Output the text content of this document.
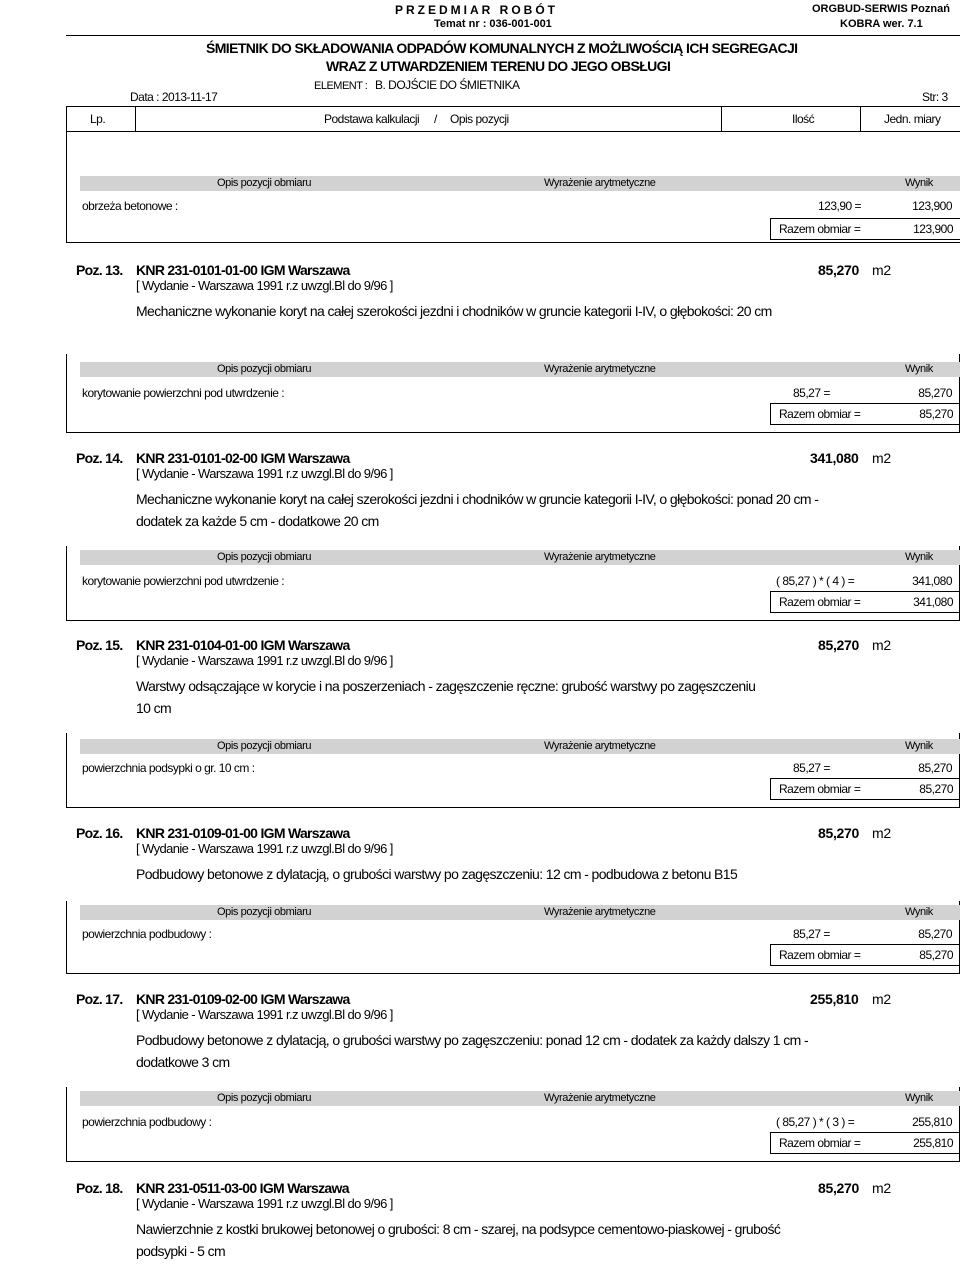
PRZEDMIAR ROBÓT
Temat nr : 036-001-001
ORGBUD-SERWIS Poznań
KOBRA wer. 7.1
ŚMIETNIK DO SKŁADOWANIA ODPADÓW KOMUNALNYCH Z MOŻLIWOŚCIĄ ICH SEGREGACJI
WRAZ Z UTWARDZENIEM TERENU DO JEGO OBSŁUGI
ELEMENT : B. DOJŚCIE DO ŚMIETNIKA
Data : 2013-11-17	Str: 3
Lp.	Podstawa kalkulacji / Opis pozycji	Ilość	Jedn. miary
Opis pozycji obmiaru	Wyrażenie arytmetyczne	Wynik
obrzeża betonowe :	123,90 =	123,900
Razem obmiar =	123,900
Poz. 13. KNR 231-0101-01-00 IGM Warszawa
[ Wydanie - Warszawa 1991 r.z uwzgl.Bl do 9/96 ]
Mechaniczne wykonanie koryt na całej szerokości jezdni i chodników w gruncie kategorii I-IV, o głębokości: 20 cm
85,270 m2
Opis pozycji obmiaru	Wyrażenie arytmetyczne	Wynik
korytowanie powierzchni pod utwrdzenie :	85,27 =	85,270
Razem obmiar =	85,270
Poz. 14. KNR 231-0101-02-00 IGM Warszawa
[ Wydanie - Warszawa 1991 r.z uwzgl.Bl do 9/96 ]
Mechaniczne wykonanie koryt na całej szerokości jezdni i chodników w gruncie kategorii I-IV, o głębokości: ponad 20 cm - dodatek za każde 5 cm - dodatkowe 20 cm
341,080 m2
Opis pozycji obmiaru	Wyrażenie arytmetyczne	Wynik
korytowanie powierzchni pod utwrdzenie :	( 85,27 ) * ( 4 ) =	341,080
Razem obmiar =	341,080
Poz. 15. KNR 231-0104-01-00 IGM Warszawa
[ Wydanie - Warszawa 1991 r.z uwzgl.Bl do 9/96 ]
Warstwy odsączające w korycie i na poszerzeniach - zagęszczenie ręczne: grubość warstwy po zagęszczeniu 10 cm
85,270 m2
Opis pozycji obmiaru	Wyrażenie arytmetyczne	Wynik
powierzchnia podsypki o gr. 10 cm :	85,27 =	85,270
Razem obmiar =	85,270
Poz. 16. KNR 231-0109-01-00 IGM Warszawa
[ Wydanie - Warszawa 1991 r.z uwzgl.Bl do 9/96 ]
Podbudowy betonowe z dylatacją, o grubości warstwy po zagęszczeniu: 12 cm - podbudowa z betonu B15
85,270 m2
Opis pozycji obmiaru	Wyrażenie arytmetyczne	Wynik
powierzchnia podbudowy :	85,27 =	85,270
Razem obmiar =	85,270
Poz. 17. KNR 231-0109-02-00 IGM Warszawa
[ Wydanie - Warszawa 1991 r.z uwzgl.Bl do 9/96 ]
Podbudowy betonowe z dylatacją, o grubości warstwy po zagęszczeniu: ponad 12 cm - dodatek za każdy dalszy 1 cm - dodatkowe 3 cm
255,810 m2
Opis pozycji obmiaru	Wyrażenie arytmetyczne	Wynik
powierzchnia podbudowy :	( 85,27 ) * ( 3 ) =	255,810
Razem obmiar =	255,810
Poz. 18. KNR 231-0511-03-00 IGM Warszawa
[ Wydanie - Warszawa 1991 r.z uwzgl.Bl do 9/96 ]
Nawierzchnie z kostki brukowej betonowej o grubości: 8 cm - szarej, na podsypce cementowo-piaskowej - grubość podsypki - 5 cm
85,270 m2
